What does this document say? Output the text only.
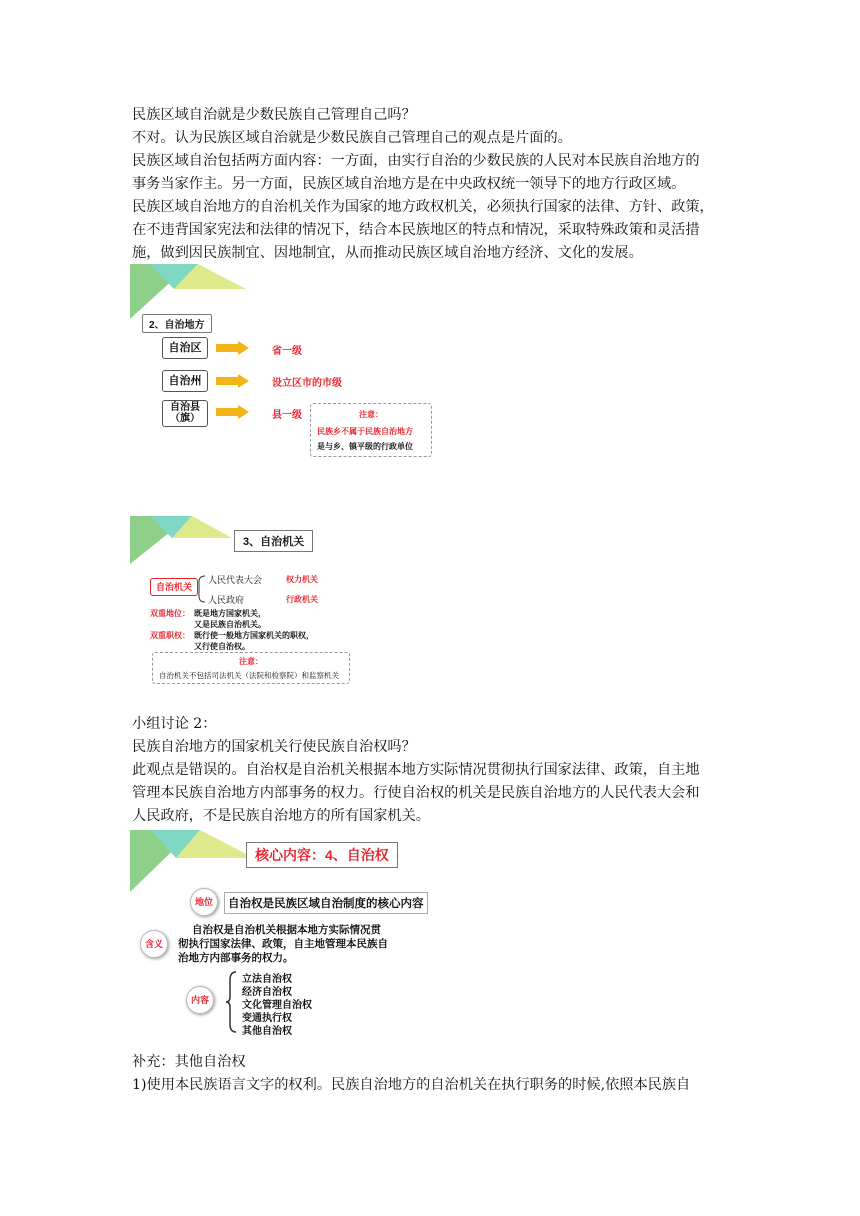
民族区域自治就是少数民族自己管理自己吗？
不对。认为民族区域自治就是少数民族自己管理自己的观点是片面的。
民族区域自治包括两方面内容：一方面，由实行自治的少数民族的人民对本民族自治地方的
事务当家作主。另一方面，民族区域自治地方是在中央政权统一领导下的地方行政区域。
民族区域自治地方的自治机关作为国家的地方政权机关，必须执行国家的法律、方针、政策，
在不违背国家宪法和法律的情况下，结合本民族地区的特点和情况，采取特殊政策和灵活措
施，做到因民族制宜、因地制宜，从而推动民族区域自治地方经济、文化的发展。
2、自治地方
自治区	省一级
自治州	设立区市的市级
自治县
（旗）	县一级	注意：
民族乡不属于民族自治地方
是与乡、镇平级的行政单位
3、自治机关
自治机关
人民代表大会	权力机关
人民政府	行政机关
双重地位： 既是地方国家机关，
又是民族自治机关。
双重职权： 既行使一般地方国家机关的职权，
又行使自治权。
注意：
自治机关不包括司法机关（法院和检察院）和监察机关
小组讨论 2：
民族自治地方的国家机关行使民族自治权吗？
此观点是错误的。自治权是自治机关根据本地方实际情况贯彻执行国家法律、政策，自主地
管理本民族自治地方内部事务的权力。行使自治权的机关是民族自治地方的人民代表大会和
人民政府，不是民族自治地方的所有国家机关。
核心内容：4、自治权
地位	自治权是民族区域自治制度的核心内容
含义
自治权是自治机关根据本地方实际情况贯
彻执行国家法律、政策，自主地管理本民族自
治地方内部事务的权力。
内容
立法自治权
经济自治权
文化管理自治权
变通执行权
其他自治权
补充：其他自治权
1)使用本民族语言文字的权利。民族自治地方的自治机关在执行职务的时候,依照本民族自
